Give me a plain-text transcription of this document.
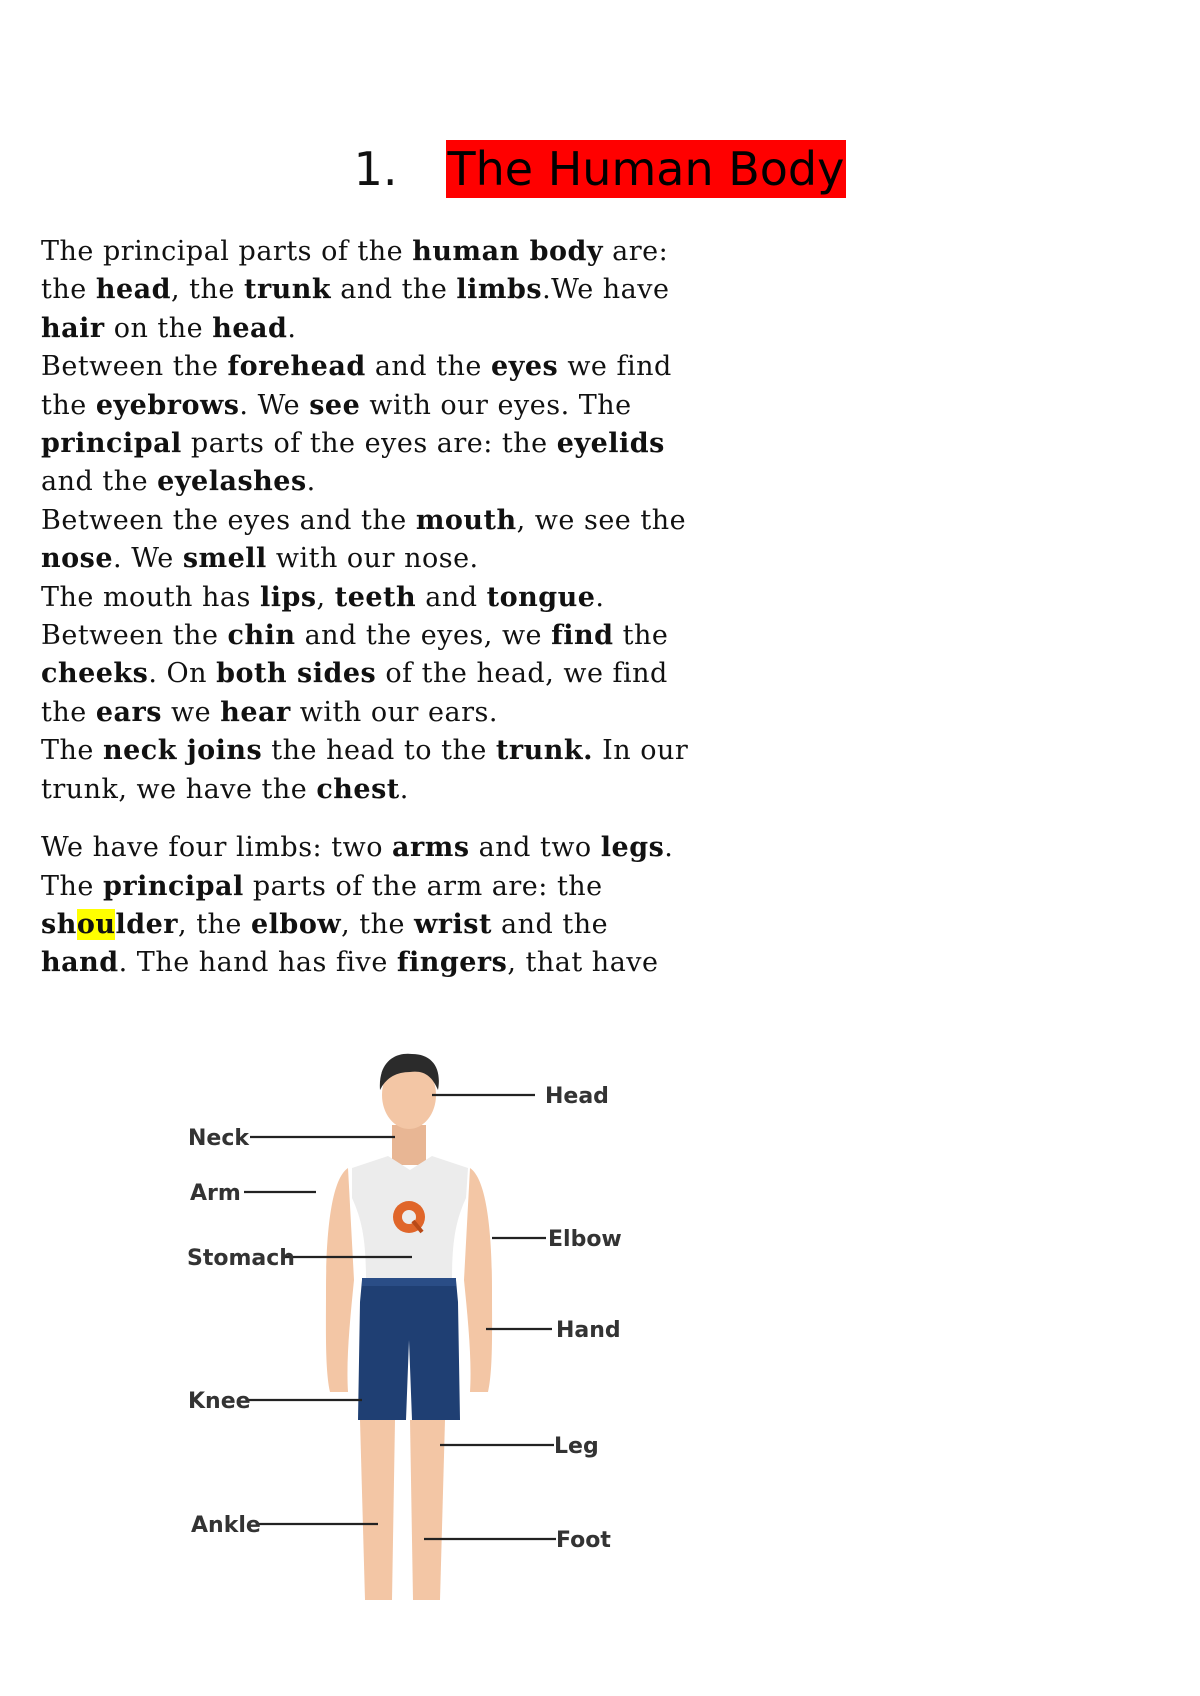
1. The Human Body

The principal parts of the human body are: the head, the trunk and the limbs.We have hair on the head.

Between the forehead and the eyes we find the eyebrows. We see with our eyes. The principal parts of the eyes are: the eyelids and the eyelashes.

Between the eyes and the mouth, we see the nose. We smell with our nose.

The mouth has lips, teeth and tongue.

Between the chin and the eyes, we find the cheeks. On both sides of the head, we find the ears we hear with our ears.

The neck joins the head to the trunk. In our trunk, we have the chest.

We have four limbs: two arms and two legs. The principal parts of the arm are: the shoulder, the elbow, the wrist and the hand. The hand has five fingers, that have

Head
Neck
Arm
Stomach
Elbow
Hand
Knee
Leg
Ankle
Foot
